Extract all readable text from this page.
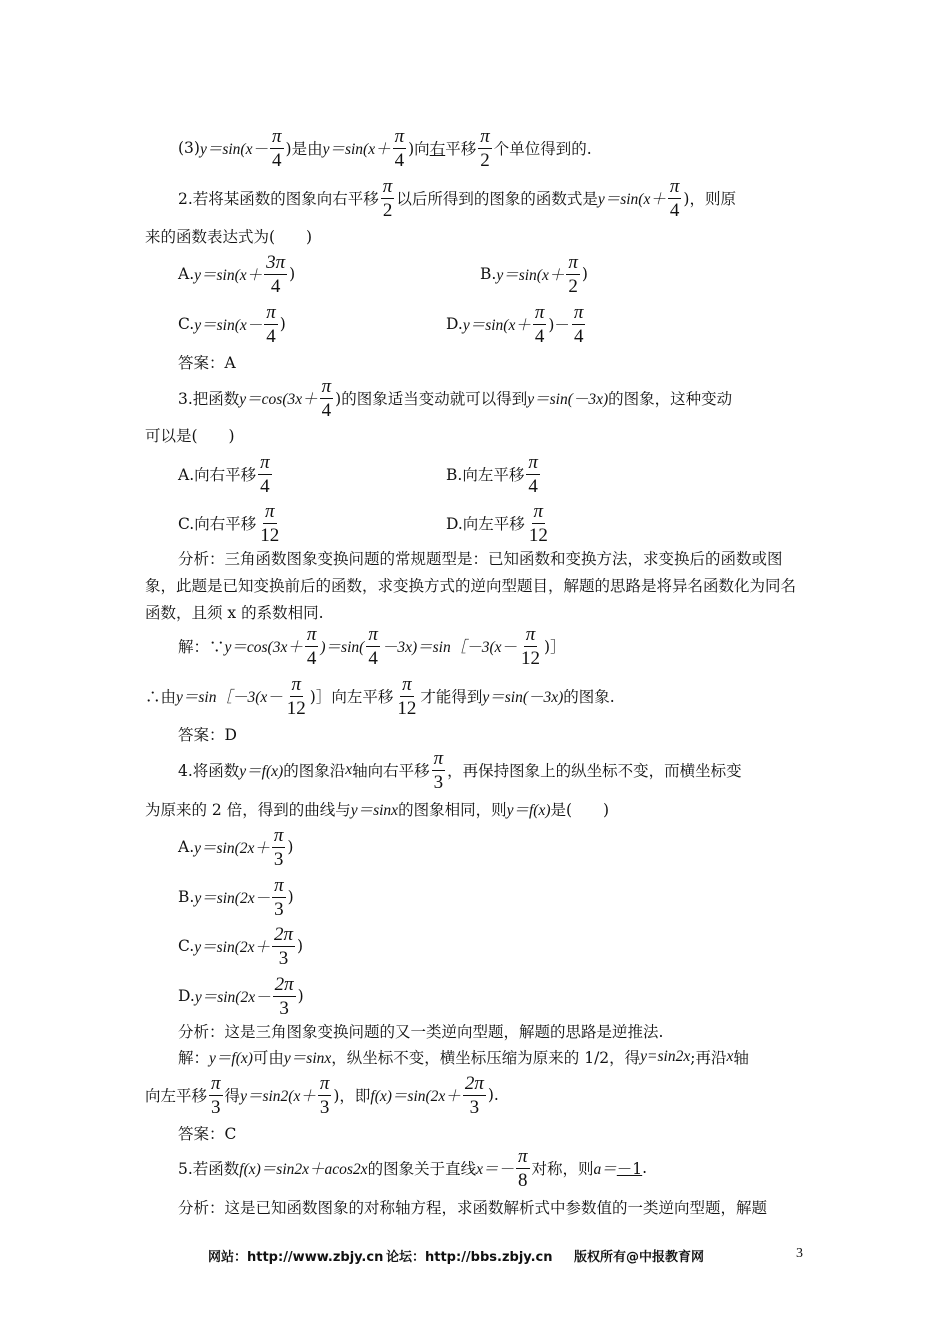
(3) $y=\sin(x- \frac{\pi}{4}$ )是由 $y=\sin(x+ \frac{\pi}{4}$ )向 右 平移 $\frac{\pi}{2}$ 个单位得到的.
2.若将某函数的图象向右平移 $\frac{\pi}{2}$ 以后所得到的图象的函数式是 $y=\sin(x+ \frac{\pi}{4}$ )，则原
来的函数表达式为(　　)
A. $y=\sin(x+ \frac{3\pi}{4}$ )	B. $y=\sin(x+ \frac{\pi}{2}$ )
C. $y=\sin(x- \frac{\pi}{4}$ )	D. $y=\sin(x+ \frac{\pi}{4}$ )－ $\frac{\pi}{4}$
答案：A
3.把函数 $y=\cos(3x+ \frac{\pi}{4}$ )的图象适当变动就可以得到 y＝sin(－3x) 的图象，这种变动
可以是(　　)
A.向右平移 $\frac{\pi}{4}$	B.向左平移 $\frac{\pi}{4}$
C.向右平移 $\frac{\pi}{12}$	D.向左平移 $\frac{\pi}{12}$
分析：三角函数图象变换问题的常规题型是：已知函数和变换方法，求变换后的函数或图象，此题是已知变换前后的函数，求变换方式的逆向型题目，解题的思路是将异名函数化为同名函数，且须 x 的系数相同.
解：∵ $y=\cos(3x+ \frac{\pi}{4} )=\sin( \frac{\pi}{4}$ －3x)＝sin［－3(x－ $\frac{\pi}{12}$ )］
∴由 y＝sin［－3(x－ $\frac{\pi}{12}$ )］向左平移 $\frac{\pi}{12}$ 才能得到 y＝sin(－3x) 的图象.
答案：D
4.将函数 y＝f(x) 的图象沿 x 轴向右平移 $\frac{\pi}{3}$ ，再保持图象上的纵坐标不变，而横坐标变
为原来的 2 倍，得到的曲线与 y＝sinx 的图象相同，则 y＝f(x) 是(　　)
A. $y=\sin(2x+ \frac{\pi}{3}$ )
B. $y=\sin(2x- \frac{\pi}{3}$ )
C. $y=\sin(2x+ \frac{2\pi}{3}$ )
D. $y=\sin(2x- \frac{2\pi}{3}$ )
分析：这是三角图象变换问题的又一类逆向型题，解题的思路是逆推法.
解： y＝f(x) 可由 y＝sinx ，纵坐标不变，横坐标压缩为原来的 1/2，得 y=sin2x ;再沿 x 轴
向左平移 $\frac{\pi}{3}$ 得 $y=\sin 2(x+ \frac{\pi}{3}$ )，即 $f(x)=\sin(2x+ \frac{2\pi}{3}$ ).
答案：C
5.若函数 f(x)＝sin2x＋acos2x 的图象关于直线 $x=- \frac{\pi}{8}$ 对称，则 a＝ －1 .
分析：这是已知函数图象的对称轴方程，求函数解析式中参数值的一类逆向型题，解题
网站：http://www.zbjy.cn 论坛：http://bbs.zbjy.cn 版权所有@中报教育网	3
